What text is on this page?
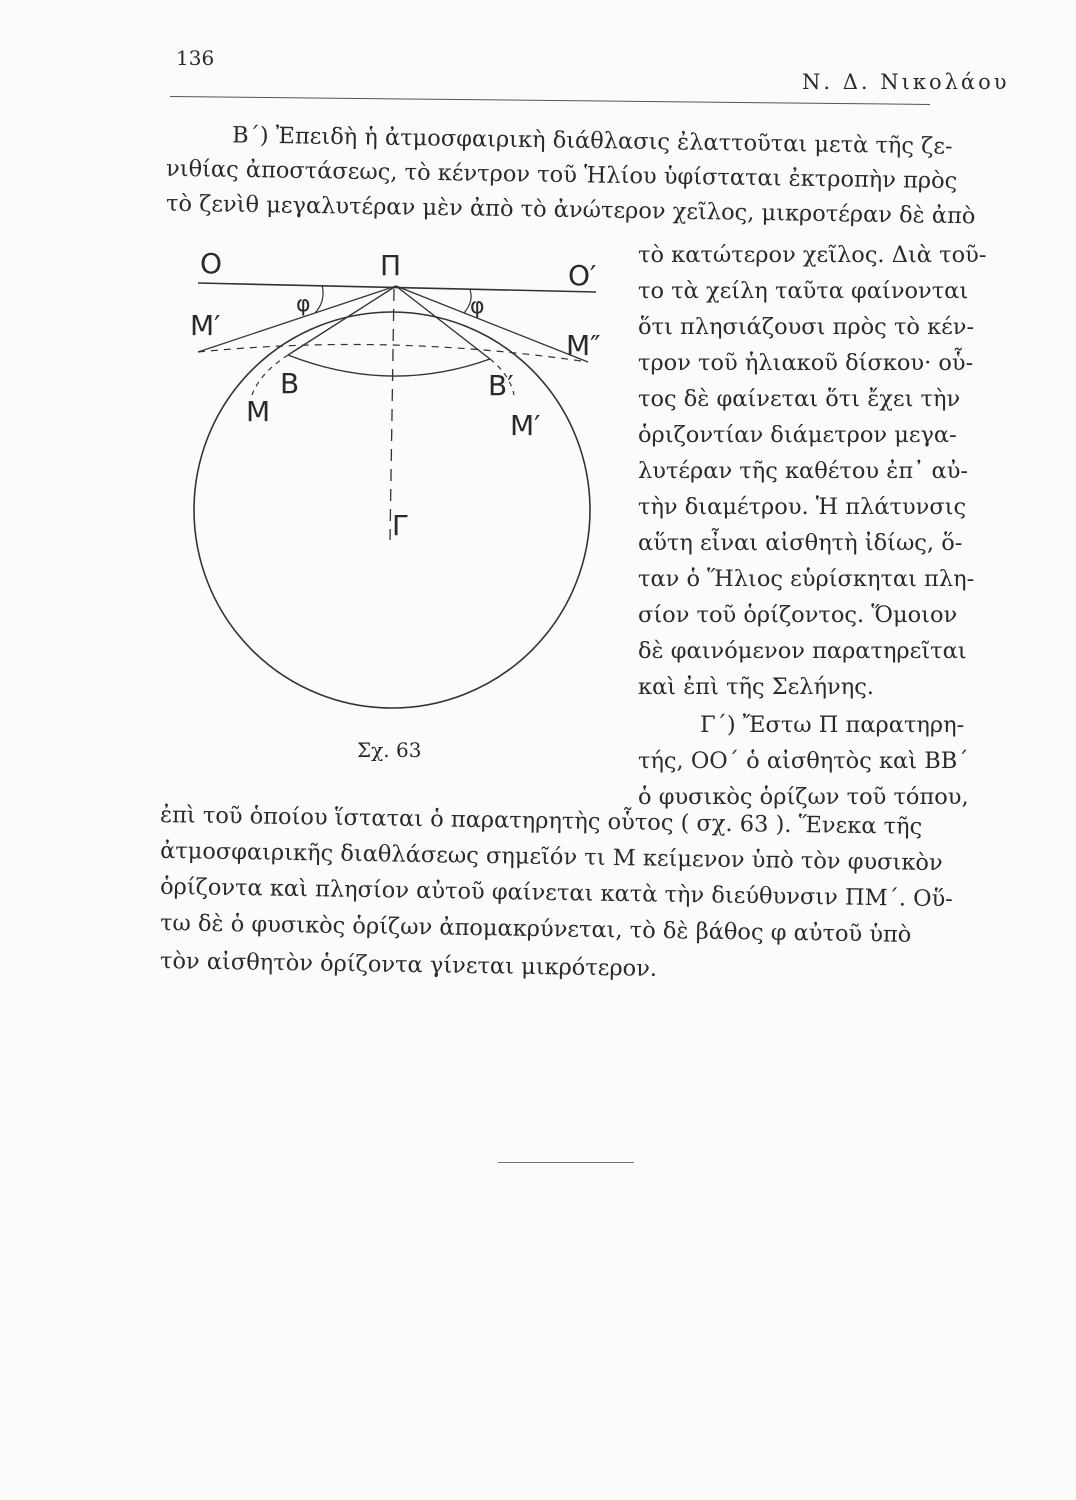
136
Ν. Δ. Νικολάου
Β΄) Ἐπειδὴ ἡ ἀτμοσφαιρικὴ διάθλασις ἐλαττοῦται μετὰ τῆς ζε-
νιθίας ἀποστάσεως, τὸ κέντρον τοῦ Ἡλίου ὑφίσταται ἐκτροπὴν πρὸς
τὸ ζενὶθ μεγαλυτέραν μὲν ἀπὸ τὸ ἀνώτερον χεῖλος, μικροτέραν δὲ ἀπὸ
τὸ κατώτερον χεῖλος. Διὰ τοῦ-
το τὰ χείλη ταῦτα φαίνονται
ὅτι πλησιάζουσι πρὸς τὸ κέν-
τρον τοῦ ἡλιακοῦ δίσκου· οὗ-
τος δὲ φαίνεται ὅτι ἔχει τὴν
ὁριζοντίαν διάμετρον μεγα-
λυτέραν τῆς καθέτου ἐπ᾽ αὐ-
τὴν διαμέτρου. Ἡ πλάτυνσις
αὕτη εἶναι αἰσθητὴ ἰδίως, ὅ-
ταν ὁ Ἥλιος εὑρίσκηται πλη-
σίον τοῦ ὁρίζοντος. Ὅμοιον
δὲ φαινόμενον παρατηρεῖται
καὶ ἐπὶ τῆς Σελήνης.
Γ΄) Ἔστω Π παρατηρη-
τής, ΟΟ΄ ὁ αἰσθητὸς καὶ ΒΒ΄
ὁ φυσικὸς ὁρίζων τοῦ τόπου,
ἐπὶ τοῦ ὁποίου ἵσταται ὁ παρατηρητὴς οὗτος ( σχ. 63 ). Ἕνεκα τῆς
ἀτμοσφαιρικῆς διαθλάσεως σημεῖόν τι Μ κείμενον ὑπὸ τὸν φυσικὸν
ὁρίζοντα καὶ πλησίον αὐτοῦ φαίνεται κατὰ τὴν διεύθυνσιν ΠΜ΄. Οὕ-
τω δὲ ὁ φυσικὸς ὁρίζων ἀπομακρύνεται, τὸ δὲ βάθος φ αὐτοῦ ὑπὸ
τὸν αἰσθητὸν ὁρίζοντα γίνεται μικρότερον.
O	Π	O′
M′
φ	φ
M″
B	B′
M	M′
Γ
Σχ. 63
